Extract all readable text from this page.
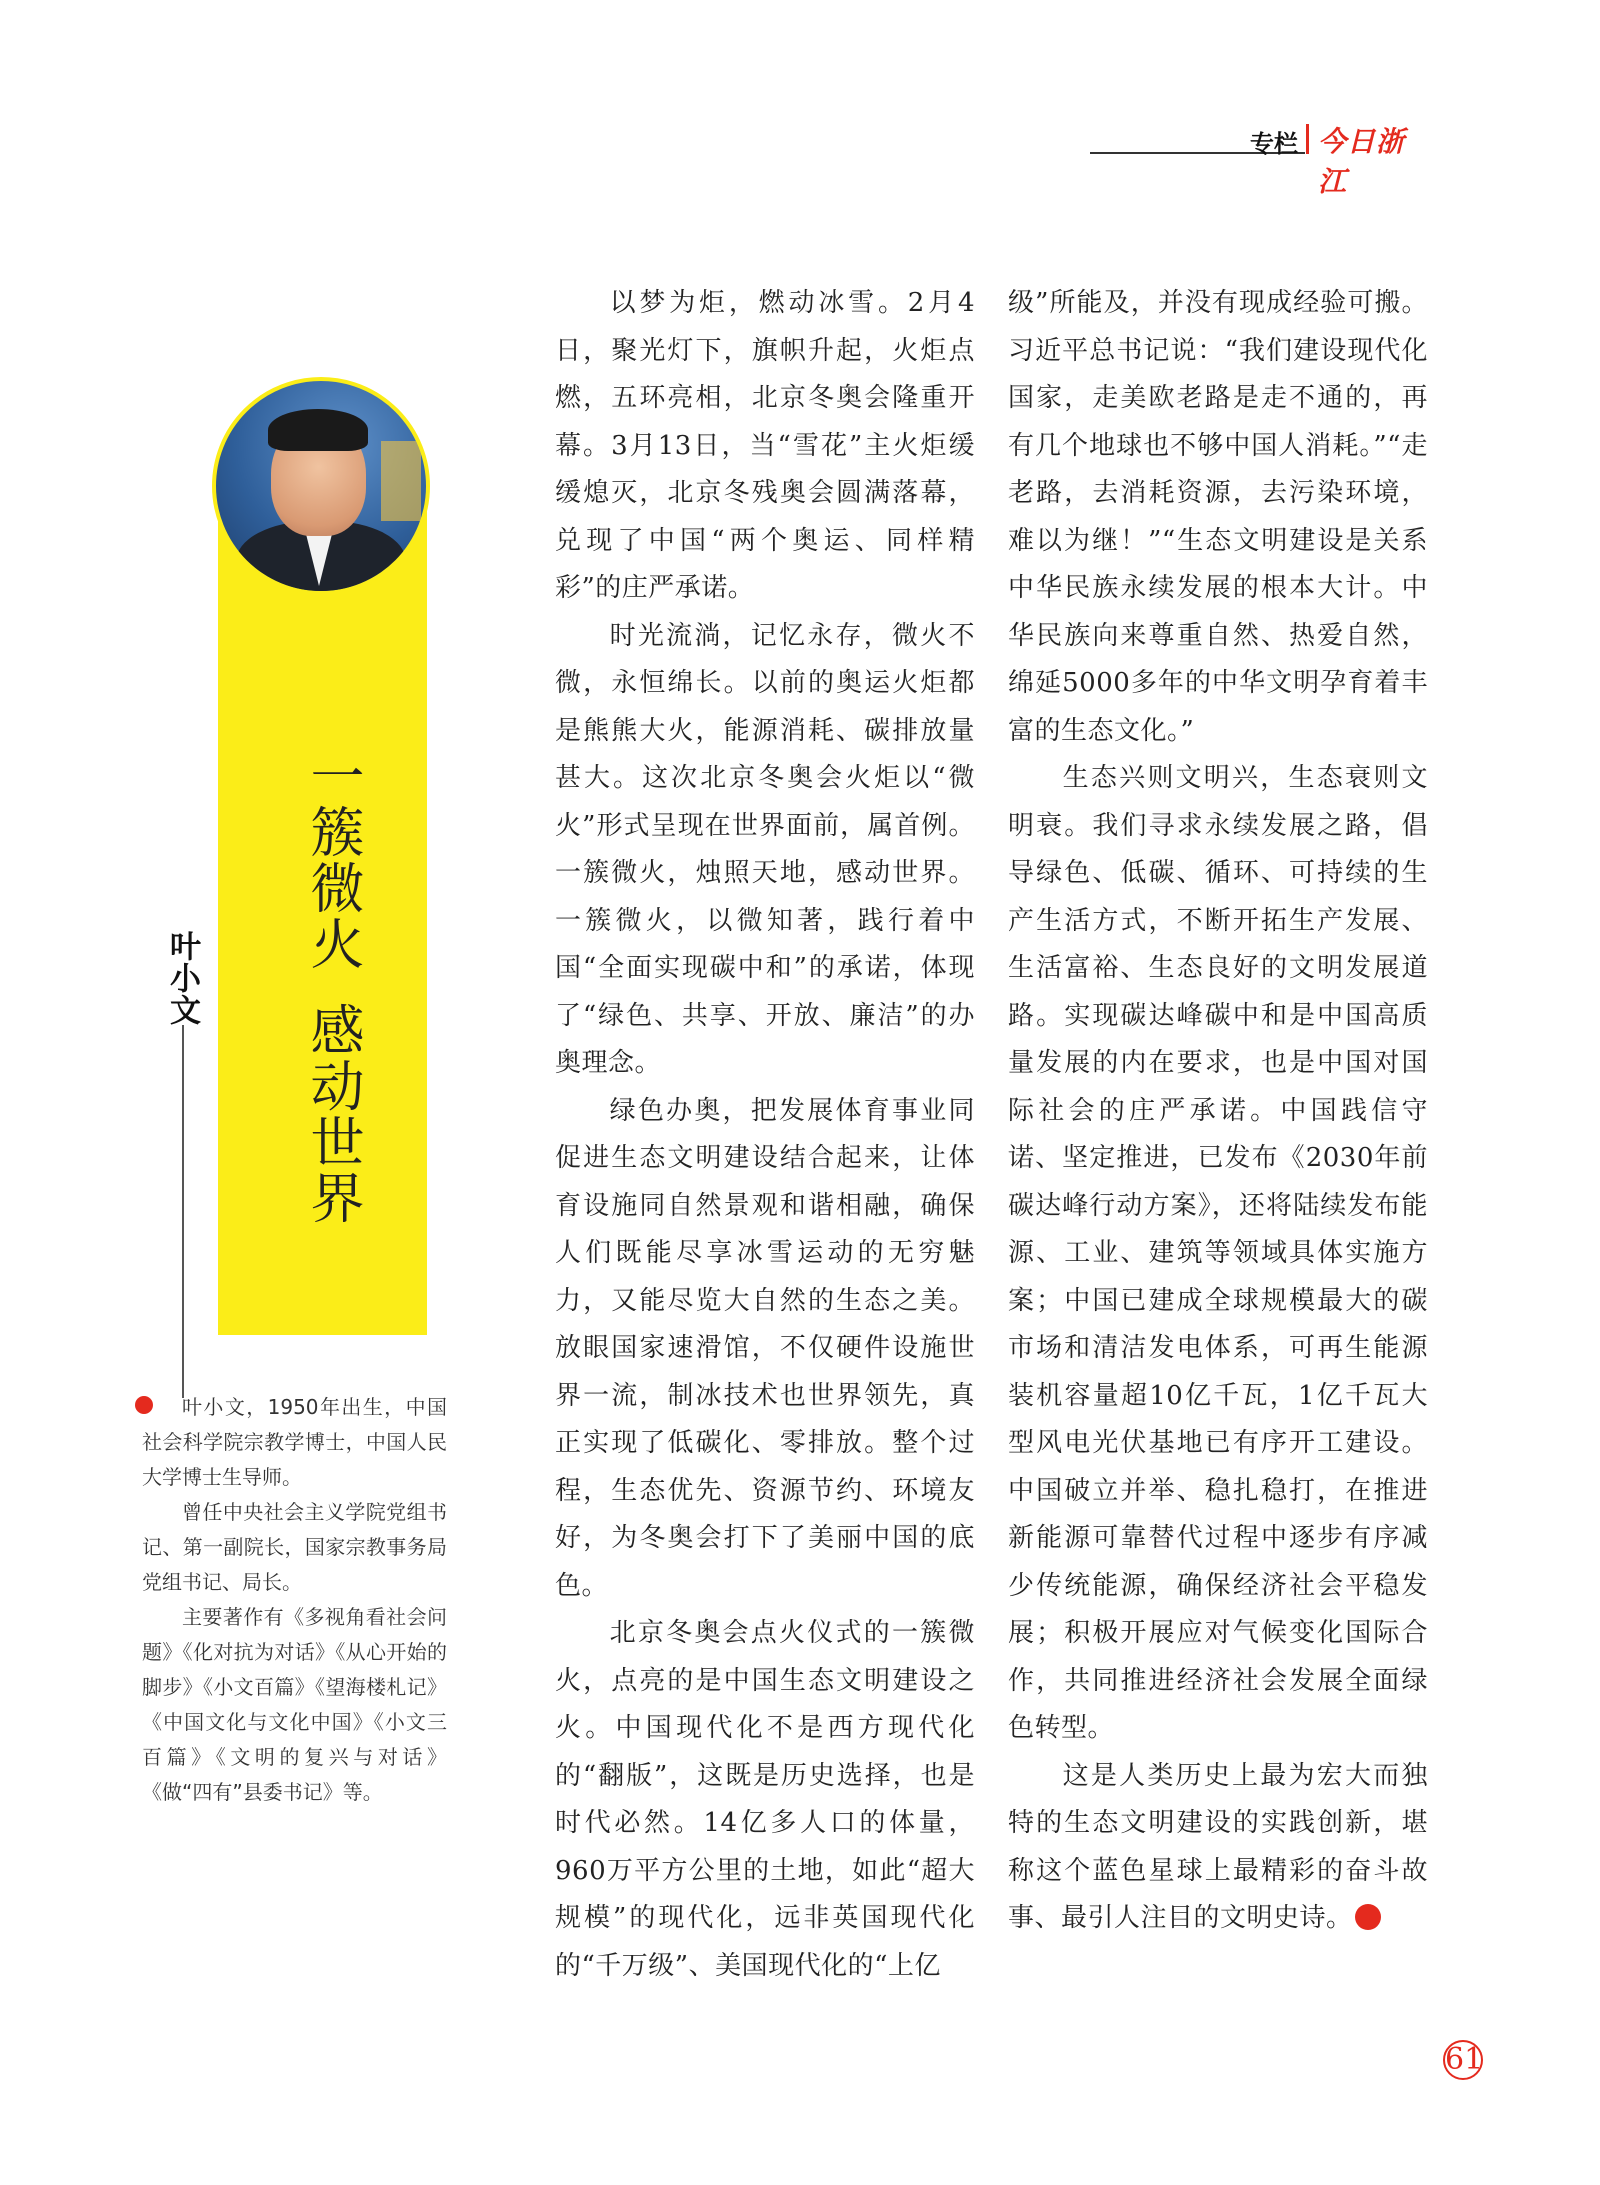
专栏 今日浙江
一簇微火感动世界
叶小文

叶小文，1950年出生，中国社会科学院宗教学博士，中国人民大学博士生导师。

曾任中央社会主义学院党组书记、第一副院长，国家宗教事务局党组书记、局长。

主要著作有《多视角看社会问题》《化对抗为对话》《从心开始的脚步》《小文百篇》《望海楼札记》《中国文化与文化中国》《小文三百篇》《文明的复兴与对话》《做“四有”县委书记》等。

以梦为炬，燃动冰雪。2月4日，聚光灯下，旗帜升起，火炬点燃，五环亮相，北京冬奥会隆重开幕。3月13日，当“雪花”主火炬缓缓熄灭，北京冬残奥会圆满落幕，兑现了中国“两个奥运、同样精彩”的庄严承诺。

时光流淌，记忆永存，微火不微，永恒绵长。以前的奥运火炬都是熊熊大火，能源消耗、碳排放量甚大。这次北京冬奥会火炬以“微火”形式呈现在世界面前，属首例。一簇微火，烛照天地，感动世界。一簇微火，以微知著，践行着中国“全面实现碳中和”的承诺，体现了“绿色、共享、开放、廉洁”的办奥理念。

绿色办奥，把发展体育事业同促进生态文明建设结合起来，让体育设施同自然景观和谐相融，确保人们既能尽享冰雪运动的无穷魅力，又能尽览大自然的生态之美。放眼国家速滑馆，不仅硬件设施世界一流，制冰技术也世界领先，真正实现了低碳化、零排放。整个过程，生态优先、资源节约、环境友好，为冬奥会打下了美丽中国的底色。

北京冬奥会点火仪式的一簇微火，点亮的是中国生态文明建设之火。中国现代化不是西方现代化的“翻版”，这既是历史选择，也是时代必然。14亿多人口的体量，960万平方公里的土地，如此“超大规模”的现代化，远非英国现代化的“千万级”、美国现代化的“上亿

级”所能及，并没有现成经验可搬。习近平总书记说：“我们建设现代化国家，走美欧老路是走不通的，再有几个地球也不够中国人消耗。”“走老路，去消耗资源，去污染环境，难以为继！”“生态文明建设是关系中华民族永续发展的根本大计。中华民族向来尊重自然、热爱自然，绵延5000多年的中华文明孕育着丰富的生态文化。”

生态兴则文明兴，生态衰则文明衰。我们寻求永续发展之路，倡导绿色、低碳、循环、可持续的生产生活方式，不断开拓生产发展、生活富裕、生态良好的文明发展道路。实现碳达峰碳中和是中国高质量发展的内在要求，也是中国对国际社会的庄严承诺。中国践信守诺、坚定推进，已发布《2030年前碳达峰行动方案》，还将陆续发布能源、工业、建筑等领域具体实施方案；中国已建成全球规模最大的碳市场和清洁发电体系，可再生能源装机容量超10亿千瓦，1亿千瓦大型风电光伏基地已有序开工建设。中国破立并举、稳扎稳打，在推进新能源可靠替代过程中逐步有序减少传统能源，确保经济社会平稳发展；积极开展应对气候变化国际合作，共同推进经济社会发展全面绿色转型。

这是人类历史上最为宏大而独特的生态文明建设的实践创新，堪称这个蓝色星球上最精彩的奋斗故事、最引人注目的文明史诗。

61
